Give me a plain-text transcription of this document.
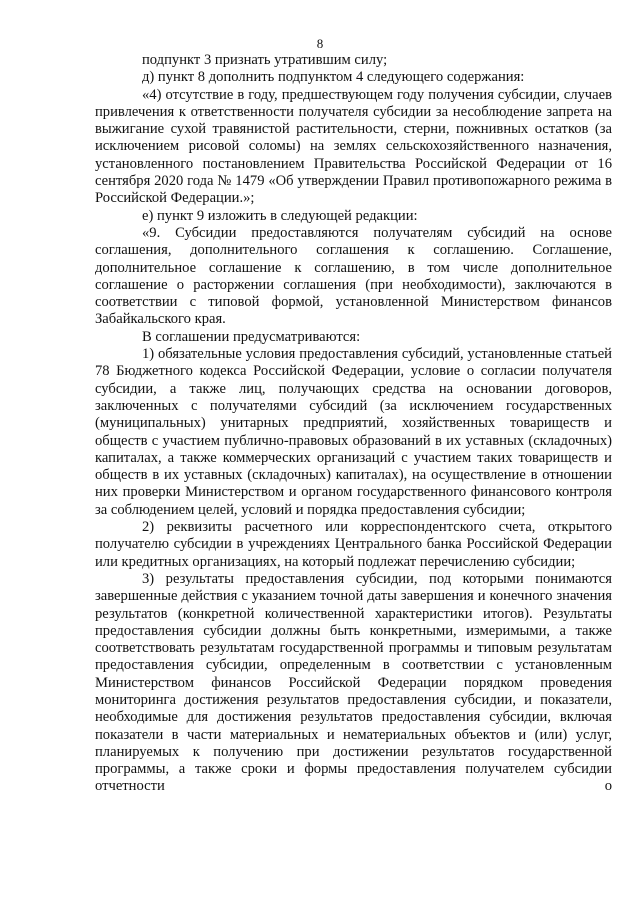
8

подпункт 3 признать утратившим силу;

д) пункт 8 дополнить подпунктом 4 следующего содержания:

«4) отсутствие в году, предшествующем году получения субсидии, случаев привлечения к ответственности получателя субсидии за несоблюдение запрета на выжигание сухой травянистой растительности, стерни, пожнивных остатков (за исключением рисовой соломы) на землях сельскохозяйственного назначения, установленного постановлением Правительства Российской Федерации от 16 сентября 2020 года № 1479 «Об утверждении Правил противопожарного режима в Российской Федерации.»;

е) пункт 9 изложить в следующей редакции:

«9. Субсидии предоставляются получателям субсидий на основе соглашения, дополнительного соглашения к соглашению. Соглашение, дополнительное соглашение к соглашению, в том числе дополнительное соглашение о расторжении соглашения (при необходимости), заключаются в соответствии с типовой формой, установленной Министерством финансов Забайкальского края.

В соглашении предусматриваются:

1) обязательные условия предоставления субсидий, установленные статьей 78 Бюджетного кодекса Российской Федерации, условие о согласии получателя субсидии, а также лиц, получающих средства на основании договоров, заключенных с получателями субсидий (за исключением государственных (муниципальных) унитарных предприятий, хозяйственных товариществ и обществ с участием публично-правовых образований в их уставных (складочных) капиталах, а также коммерческих организаций с участием таких товариществ и обществ в их уставных (складочных) капиталах), на осуществление в отношении них проверки Министерством и органом государственного финансового контроля за соблюдением целей, условий и порядка предоставления субсидии;

2) реквизиты расчетного или корреспондентского счета, открытого получателю субсидии в учреждениях Центрального банка Российской Федерации или кредитных организациях, на который подлежат перечислению субсидии;

3) результаты предоставления субсидии, под которыми понимаются завершенные действия с указанием точной даты завершения и конечного значения результатов (конкретной количественной характеристики итогов). Результаты предоставления субсидии должны быть конкретными, измеримыми, а также соответствовать результатам государственной программы и типовым результатам предоставления субсидии, определенным в соответствии с установленным Министерством финансов Российской Федерации порядком проведения мониторинга достижения результатов предоставления субсидии, и показатели, необходимые для достижения результатов предоставления субсидии, включая показатели в части материальных и нематериальных объектов и (или) услуг, планируемых к получению при достижении результатов государственной программы, а также сроки и формы предоставления получателем субсидии отчетности о
